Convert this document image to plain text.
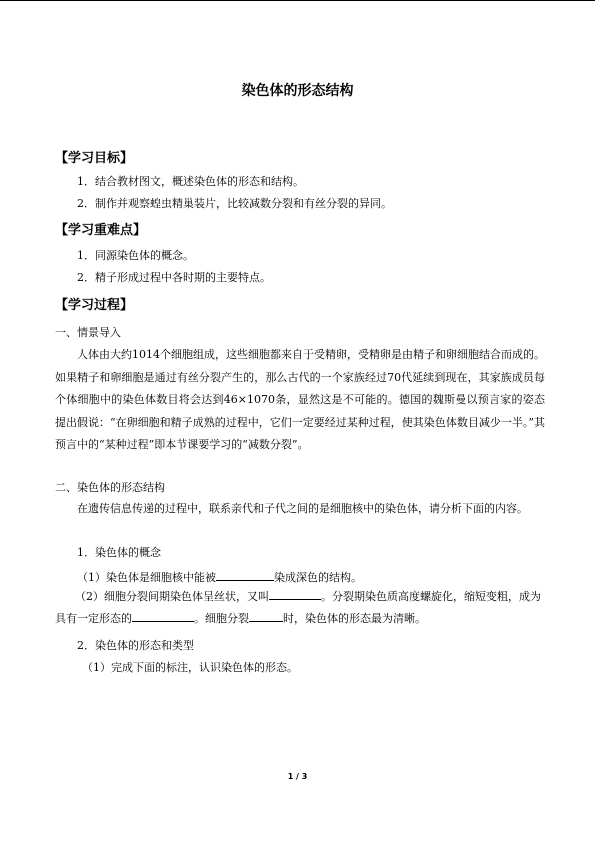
染色体的形态结构
【学习目标】
1．结合教材图文，概述染色体的形态和结构。
2．制作并观察蝗虫精巢装片，比较减数分裂和有丝分裂的异同。
【学习重难点】
1．同源染色体的概念。
2．精子形成过程中各时期的主要特点。
【学习过程】
一、情景导入
人体由大约1014个细胞组成，这些细胞都来自于受精卵，受精卵是由精子和卵细胞结合而成的。如果精子和卵细胞是通过有丝分裂产生的，那么古代的一个家族经过70代延续到现在，其家族成员每个体细胞中的染色体数目将会达到46×1070条，显然这是不可能的。德国的魏斯曼以预言家的姿态提出假说：“在卵细胞和精子成熟的过程中，它们一定要经过某种过程，使其染色体数目减少一半。”其预言中的“某种过程”即本节课要学习的“减数分裂”。
二、染色体的形态结构
在遗传信息传递的过程中，联系亲代和子代之间的是细胞核中的染色体，请分析下面的内容。
1．染色体的概念
（1）染色体是细胞核中能被	染成深色的结构。
（2）细胞分裂间期染色体呈丝状，又叫	。分裂期染色质高度螺旋化，缩短变粗，成为具有一定形态的	。细胞分裂	时，染色体的形态最为清晰。
2．染色体的形态和类型
（1）完成下面的标注，认识染色体的形态。
1 / 3
